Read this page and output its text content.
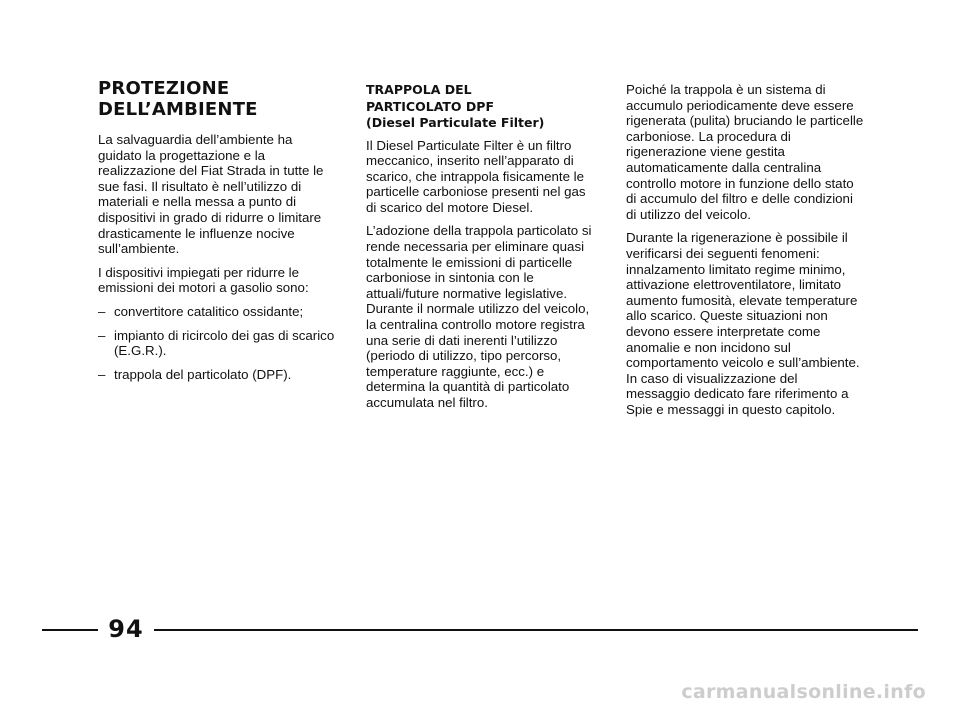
PROTEZIONE
DELL’AMBIENTE

La salvaguardia dell’ambiente ha guidato la progettazione e la realizzazione del Fiat Strada in tutte le sue fasi. Il risultato è nell’utilizzo di materiali e nella messa a punto di dispositivi in grado di ridurre o limitare drasticamente le influenze nocive sull’ambiente.

I dispositivi impiegati per ridurre le emissioni dei motori a gasolio sono:

– convertitore catalitico ossidante;
– impianto di ricircolo dei gas di scarico (E.G.R.).
– trappola del particolato (DPF).
TRAPPOLA DEL
PARTICOLATO DPF
(Diesel Particulate Filter)

Il Diesel Particulate Filter è un filtro meccanico, inserito nell’apparato di scarico, che intrappola fisicamente le particelle carboniose presenti nel gas di scarico del motore Diesel.

L’adozione della trappola particolato si rende necessaria per eliminare quasi totalmente le emissioni di particelle carboniose in sintonia con le attuali/future normative legislative. Durante il normale utilizzo del veicolo, la centralina controllo motore registra una serie di dati inerenti l’utilizzo (periodo di utilizzo, tipo percorso, temperature raggiunte, ecc.) e determina la quantità di particolato accumulata nel filtro.

Poiché la trappola è un sistema di accumulo periodicamente deve essere rigenerata (pulita) bruciando le particelle carboniose. La procedura di rigenerazione viene gestita automaticamente dalla centralina controllo motore in funzione dello stato di accumulo del filtro e delle condizioni di utilizzo del veicolo.

Durante la rigenerazione è possibile il verificarsi dei seguenti fenomeni: innalzamento limitato regime minimo, attivazione elettroventilatore, limitato aumento fumosità, elevate temperature allo scarico. Queste situazioni non devono essere interpretate come anomalie e non incidono sul comportamento veicolo e sull’ambiente. In caso di visualizzazione del messaggio dedicato fare riferimento a Spie e messaggi in questo capitolo.

94
carmanualsonline.info
